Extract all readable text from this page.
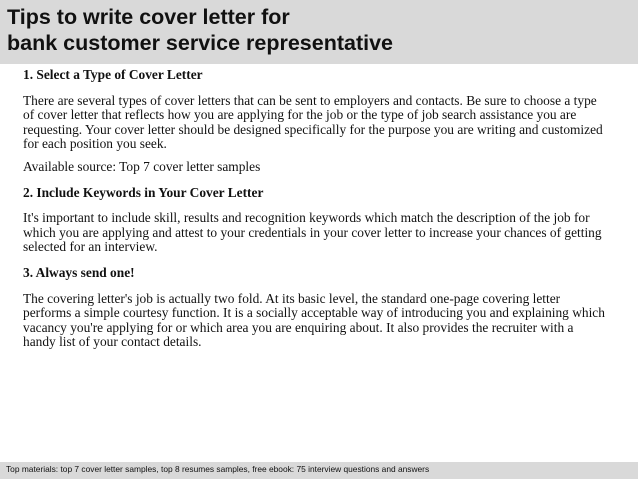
Tips to write cover letter for
bank customer service representative

1. Select a Type of Cover Letter

There are several types of cover letters that can be sent to employers and contacts. Be sure to choose a type of cover letter that reflects how you are applying for the job or the type of job search assistance you are requesting. Your cover letter should be designed specifically for the purpose you are writing and customized for each position you seek.

Available source: Top 7 cover letter samples

2. Include Keywords in Your Cover Letter

It's important to include skill, results and recognition keywords which match the description of the job for which you are applying and attest to your credentials in your cover letter to increase your chances of getting selected for an interview.

3. Always send one!

The covering letter's job is actually two fold. At its basic level, the standard one-page covering letter performs a simple courtesy function. It is a socially acceptable way of introducing you and explaining which vacancy you're applying for or which area you are enquiring about. It also provides the recruiter with a handy list of your contact details.

Top materials: top 7 cover letter samples, top 8 resumes samples, free ebook: 75 interview questions and answers
